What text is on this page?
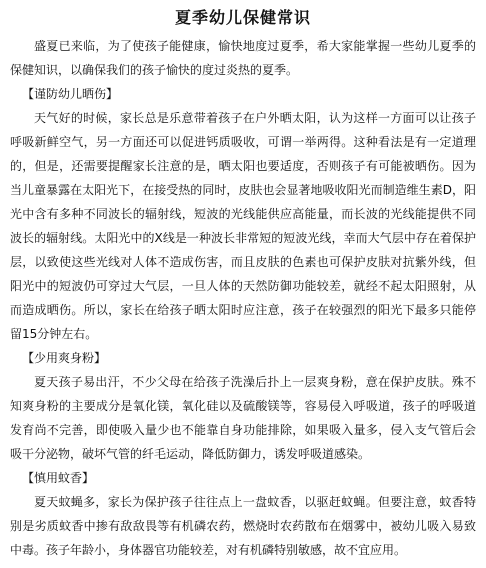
夏季幼儿保健常识

盛夏已来临，为了使孩子能健康，愉快地度过夏季，希大家能掌握一些幼儿夏季的保健知识，以确保我们的孩子愉快的度过炎热的夏季。

【谨防幼儿晒伤】

天气好的时候，家长总是乐意带着孩子在户外晒太阳，认为这样一方面可以让孩子呼吸新鲜空气，另一方面还可以促进钙质吸收，可谓一举两得。这种看法是有一定道理的，但是，还需要提醒家长注意的是，晒太阳也要适度，否则孩子有可能被晒伤。因为当儿童暴露在太阳光下，在接受热的同时，皮肤也会显著地吸收阳光而制造维生素D，阳光中含有多种不同波长的辐射线，短波的光线能供应高能量，而长波的光线能提供不同波长的辐射线。太阳光中的X线是一种波长非常短的短波光线，幸而大气层中存在着保护层，以致使这些光线对人体不造成伤害，而且皮肤的色素也可保护皮肤对抗紫外线，但阳光中的短波仍可穿过大气层，一旦人体的天然防御功能较差，就经不起太阳照射，从而造成晒伤。所以，家长在给孩子晒太阳时应注意，孩子在较强烈的阳光下最多只能停留15分钟左右。

【少用爽身粉】

夏天孩子易出汗，不少父母在给孩子洗澡后扑上一层爽身粉，意在保护皮肤。殊不知爽身粉的主要成分是氧化镁，氧化硅以及硫酸镁等，容易侵入呼吸道，孩子的呼吸道发育尚不完善，即使吸入量少也不能靠自身功能排除，如果吸入量多，侵入支气管后会吸干分泌物，破坏气管的纤毛运动，降低防御力，诱发呼吸道感染。

【慎用蚊香】

夏天蚊蝇多，家长为保护孩子往往点上一盘蚊香，以驱赶蚊蝇。但要注意，蚊香特别是劣质蚊香中掺有敌敌畏等有机磷农药，燃烧时农药散布在烟雾中，被幼儿吸入易致中毒。孩子年龄小，身体器官功能较差，对有机磷特别敏感，故不宜应用。
